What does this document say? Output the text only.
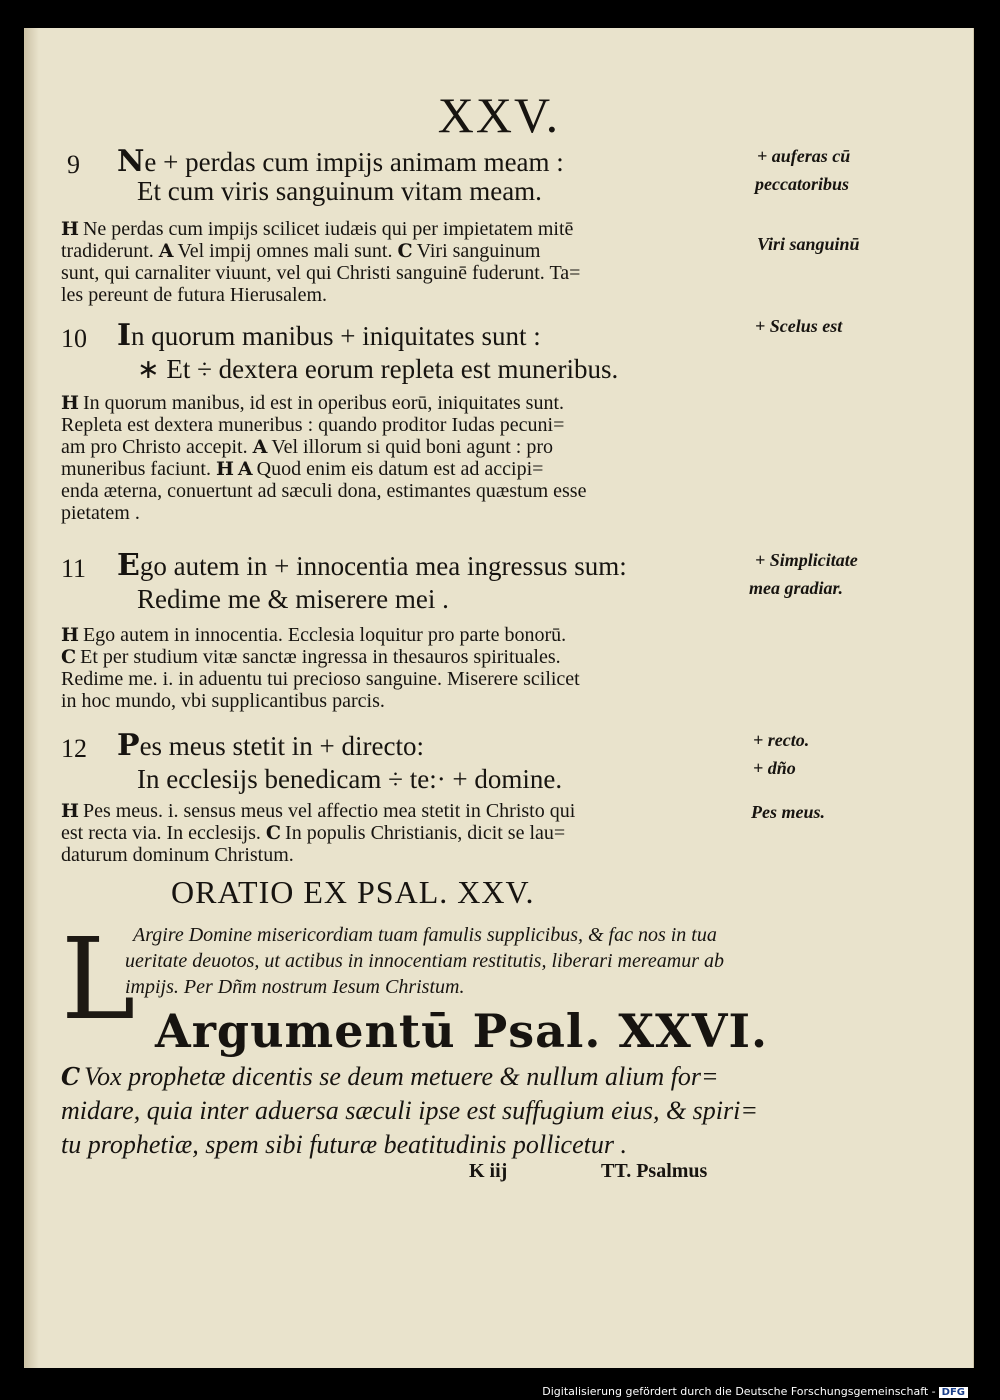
XXV.
9 Ne + perdas cum impijs animam meam :
Et cum viris sanguinum vitam meam.
H Ne perdas cum impijs scilicet iudæis qui per impietatem mitē
tradiderunt. A Vel impij omnes mali sunt. C Viri sanguinum
sunt, qui carnaliter viuunt, vel qui Christi sanguinē fuderunt. Ta=
les pereunt de futura Hierusalem.
10 In quorum manibus + iniquitates sunt :
∗ Et ÷ dextera eorum repleta est muneribus.
H In quorum manibus, id est in operibus eorū, iniquitates sunt.
Repleta est dextera muneribus : quando proditor Iudas pecuni=
am pro Christo accepit. A Vel illorum si quid boni agunt : pro
muneribus faciunt. H A Quod enim eis datum est ad accipi=
enda æterna, conuertunt ad sæculi dona, estimantes quæstum esse
pietatem .
11 Ego autem in + innocentia mea ingressus sum:
Redime me & miserere mei .
H Ego autem in innocentia. Ecclesia loquitur pro parte bonorū.
C Et per studium vitæ sanctæ ingressa in thesauros spirituales.
Redime me. i. in aduentu tui precioso sanguine. Miserere scilicet
in hoc mundo, vbi supplicantibus parcis.
12 Pes meus stetit in + directo:
In ecclesijs benedicam ÷ te:· + domine.
H Pes meus. i. sensus meus vel affectio mea stetit in Christo qui
est recta via. In ecclesijs. C In populis Christianis, dicit se lau=
daturum dominum Christum.
ORATIO EX PSAL. XXV.
L
Argire Domine misericordiam tuam famulis supplicibus, & fac nos in tua
ueritate deuotos, ut actibus in innocentiam restitutis, liberari mereamur ab
impijs. Per Dñm nostrum Iesum Christum.
Argumentū Psal. XXVI.
C Vox prophetæ dicentis se deum metuere & nullum alium for=
midare, quia inter aduersa sæculi ipse est suffugium eius, & spiri=
tu prophetiæ, spem sibi futuræ beatitudinis pollicetur .
K iij	TT. Psalmus
+ auferas cū
peccatoribus
Viri sanguinū
+ Scelus est
+ Simplicitate
mea gradiar.
+ recto.
+ dño
Pes meus.
Digitalisierung gefördert durch die Deutsche Forschungsgemeinschaft - DFG
